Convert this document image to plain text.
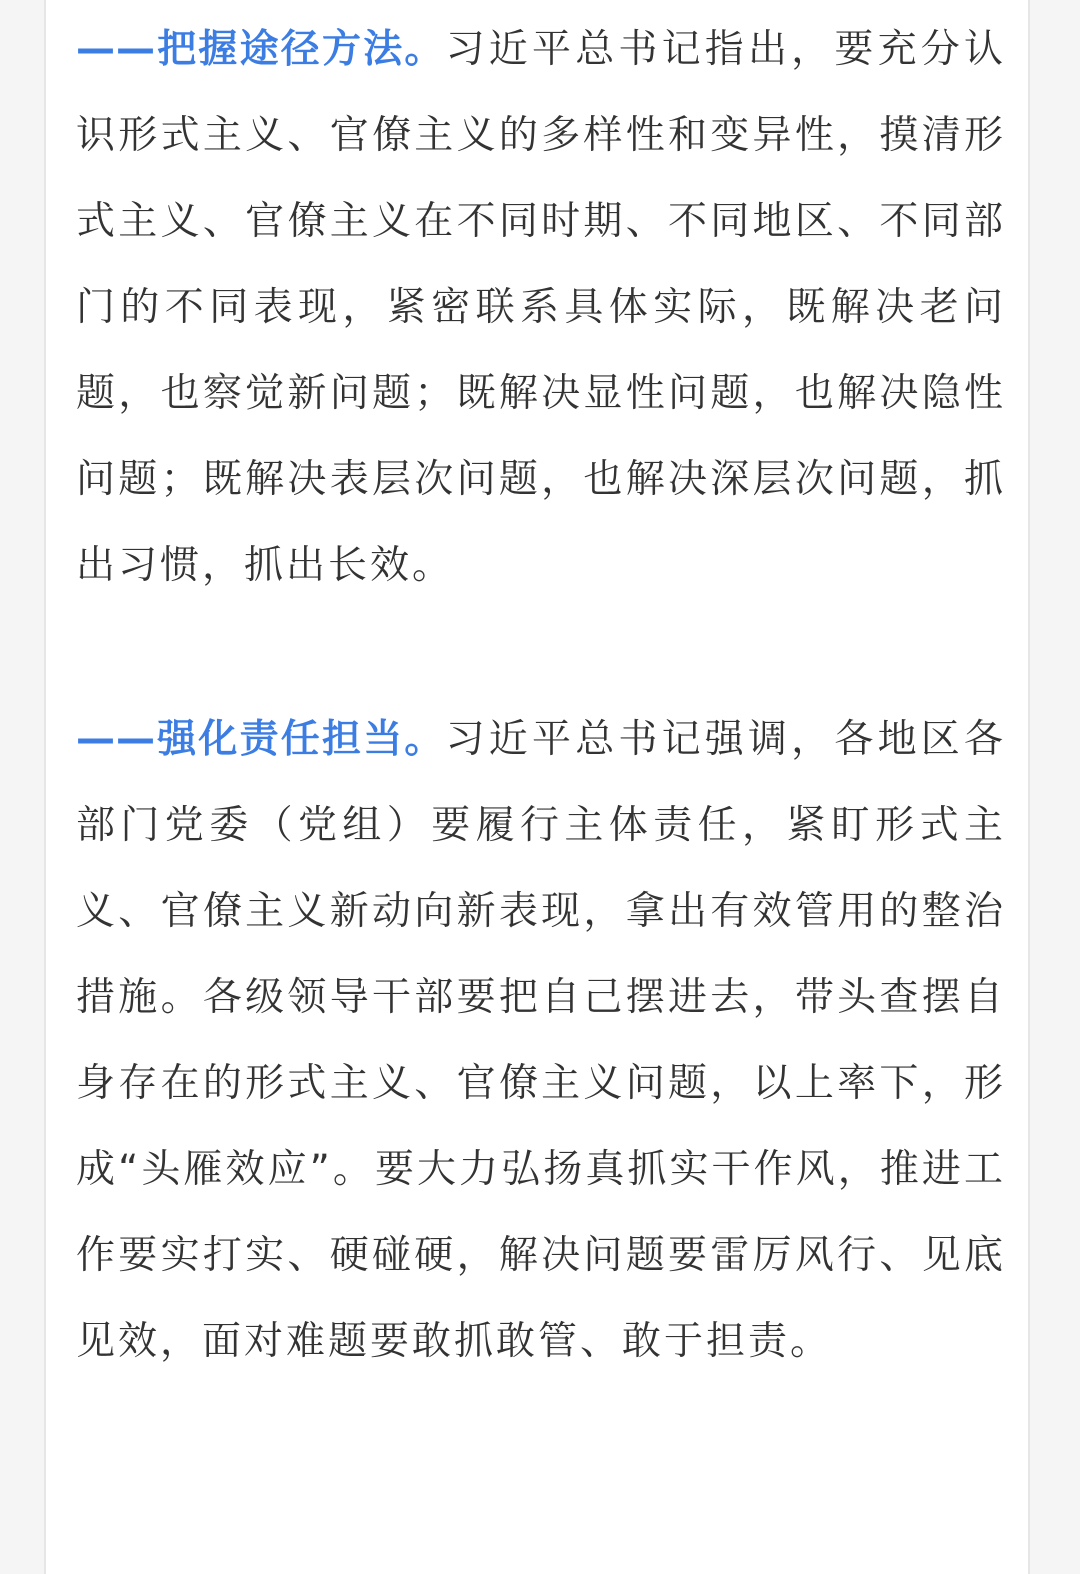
——把握途径方法。习近平总书记指出，要充分认识形式主义、官僚主义的多样性和变异性，摸清形式主义、官僚主义在不同时期、不同地区、不同部门的不同表现，紧密联系具体实际，既解决老问题，也察觉新问题；既解决显性问题，也解决隐性问题；既解决表层次问题，也解决深层次问题，抓出习惯，抓出长效。

——强化责任担当。习近平总书记强调，各地区各部门党委（党组）要履行主体责任，紧盯形式主义、官僚主义新动向新表现，拿出有效管用的整治措施。各级领导干部要把自己摆进去，带头查摆自身存在的形式主义、官僚主义问题，以上率下，形成“头雁效应”。要大力弘扬真抓实干作风，推进工作要实打实、硬碰硬，解决问题要雷厉风行、见底见效，面对难题要敢抓敢管、敢于担责。
